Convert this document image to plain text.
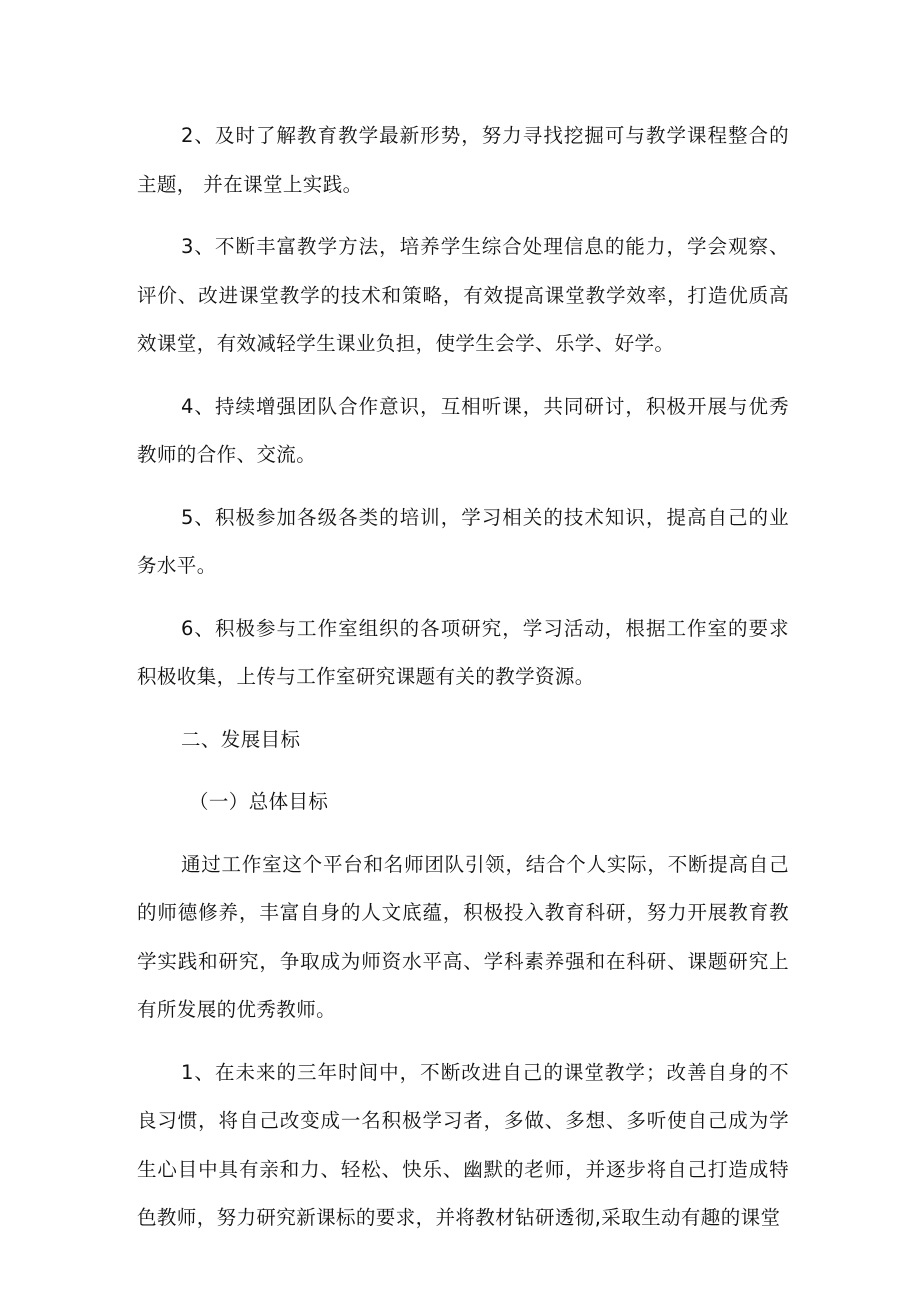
2、及时了解教育教学最新形势，努力寻找挖掘可与教学课程整合的主题， 并在课堂上实践。

3、不断丰富教学方法，培养学生综合处理信息的能力，学会观察、评价、改进课堂教学的技术和策略，有效提高课堂教学效率，打造优质高效课堂，有效减轻学生课业负担，使学生会学、乐学、好学。

4、持续增强团队合作意识，互相听课，共同研讨，积极开展与优秀教师的合作、交流。

5、积极参加各级各类的培训，学习相关的技术知识，提高自己的业务水平。

6、积极参与工作室组织的各项研究，学习活动，根据工作室的要求积极收集，上传与工作室研究课题有关的教学资源。

二、发展目标

（一）总体目标

通过工作室这个平台和名师团队引领，结合个人实际，不断提高自己的师德修养，丰富自身的人文底蕴，积极投入教育科研，努力开展教育教学实践和研究，争取成为师资水平高、学科素养强和在科研、课题研究上有所发展的优秀教师。

1、在未来的三年时间中，不断改进自己的课堂教学；改善自身的不良习惯，将自己改变成一名积极学习者，多做、多想、多听使自己成为学生心目中具有亲和力、轻松、快乐、幽默的老师，并逐步将自己打造成特色教师，努力研究新课标的要求，并将教材钻研透彻,采取生动有趣的课堂
